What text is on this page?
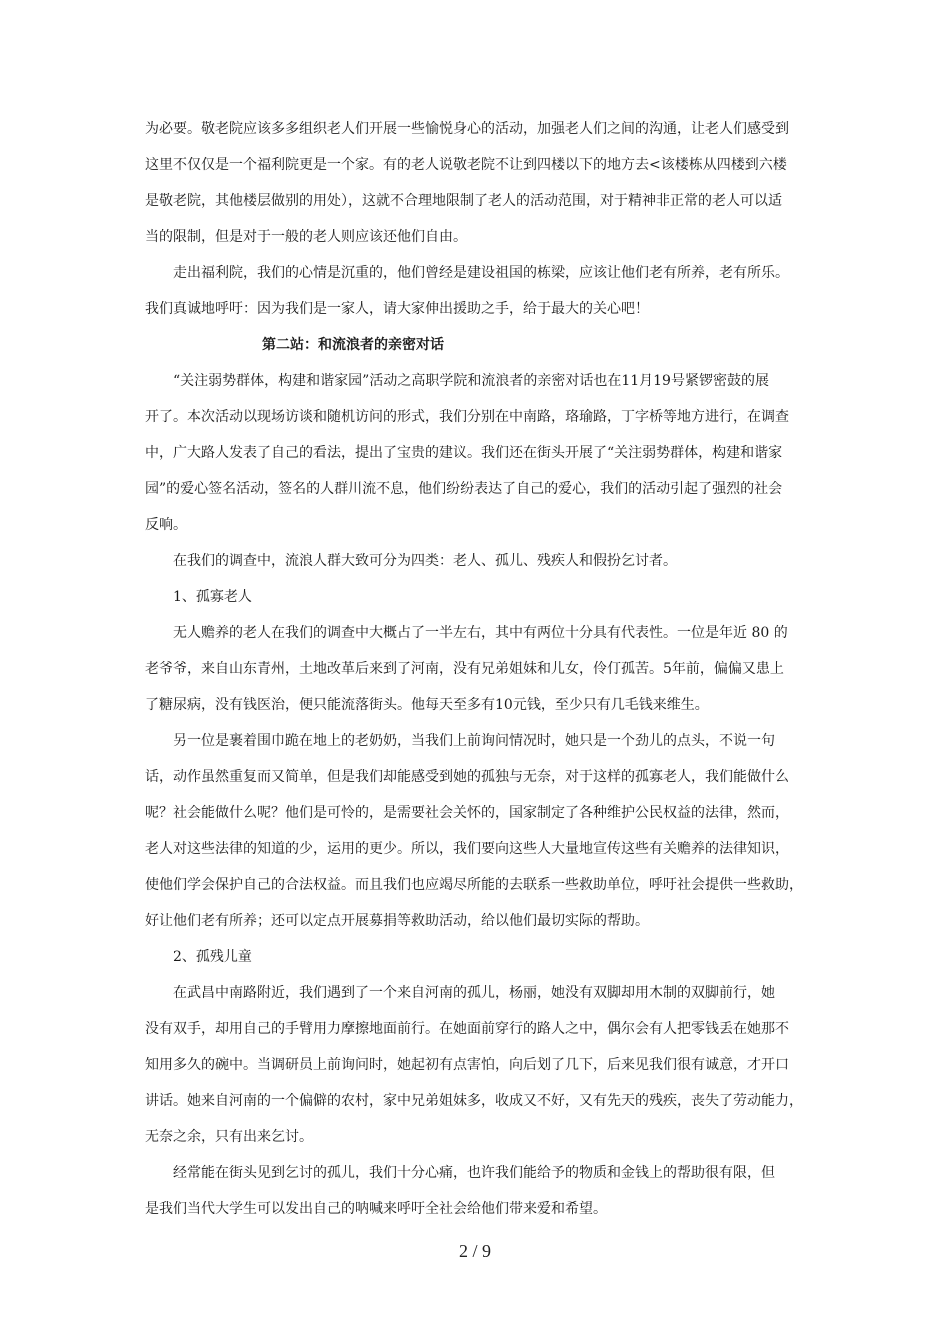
为必要。敬老院应该多多组织老人们开展一些愉悦身心的活动，加强老人们之间的沟通，让老人们感受到
这里不仅仅是一个福利院更是一个家。有的老人说敬老院不让到四楼以下的地方去<该楼栋从四楼到六楼
是敬老院，其他楼层做别的用处），这就不合理地限制了老人的活动范围，对于精神非正常的老人可以适
当的限制，但是对于一般的老人则应该还他们自由。
走出福利院，我们的心情是沉重的，他们曾经是建设祖国的栋梁，应该让他们老有所养，老有所乐。
我们真诚地呼吁：因为我们是一家人，请大家伸出援助之手，给于最大的关心吧！
第二站：和流浪者的亲密对话
“关注弱势群体，构建和谐家园”活动之高职学院和流浪者的亲密对话也在11月19号紧锣密鼓的展
开了。本次活动以现场访谈和随机访问的形式，我们分别在中南路，珞瑜路，丁字桥等地方进行，在调查
中，广大路人发表了自己的看法，提出了宝贵的建议。我们还在街头开展了“关注弱势群体，构建和谐家
园”的爱心签名活动，签名的人群川流不息，他们纷纷表达了自己的爱心，我们的活动引起了强烈的社会
反响。
在我们的调查中，流浪人群大致可分为四类：老人、孤儿、残疾人和假扮乞讨者。
1、孤寡老人
无人赡养的老人在我们的调查中大概占了一半左右，其中有两位十分具有代表性。一位是年近 80 的
老爷爷，来自山东青州，土地改革后来到了河南，没有兄弟姐妹和儿女，伶仃孤苦。5年前，偏偏又患上
了糖尿病，没有钱医治，便只能流落街头。他每天至多有10元钱，至少只有几毛钱来维生。
另一位是裹着围巾跪在地上的老奶奶，当我们上前询问情况时，她只是一个劲儿的点头，不说一句
话，动作虽然重复而又简单，但是我们却能感受到她的孤独与无奈，对于这样的孤寡老人，我们能做什么
呢？社会能做什么呢？他们是可怜的，是需要社会关怀的，国家制定了各种维护公民权益的法律，然而，
老人对这些法律的知道的少，运用的更少。所以，我们要向这些人大量地宣传这些有关赡养的法律知识，
使他们学会保护自己的合法权益。而且我们也应竭尽所能的去联系一些救助单位，呼吁社会提供一些救助，
好让他们老有所养；还可以定点开展募捐等救助活动，给以他们最切实际的帮助。
2、孤残儿童
在武昌中南路附近，我们遇到了一个来自河南的孤儿，杨丽，她没有双脚却用木制的双脚前行，她
没有双手，却用自己的手臂用力摩擦地面前行。在她面前穿行的路人之中，偶尔会有人把零钱丢在她那不
知用多久的碗中。当调研员上前询问时，她起初有点害怕，向后划了几下，后来见我们很有诚意，才开口
讲话。她来自河南的一个偏僻的农村，家中兄弟姐妹多，收成又不好，又有先天的残疾，丧失了劳动能力，
无奈之余，只有出来乞讨。
经常能在街头见到乞讨的孤儿，我们十分心痛，也许我们能给予的物质和金钱上的帮助很有限，但
是我们当代大学生可以发出自己的呐喊来呼吁全社会给他们带来爱和希望。
2 / 9
